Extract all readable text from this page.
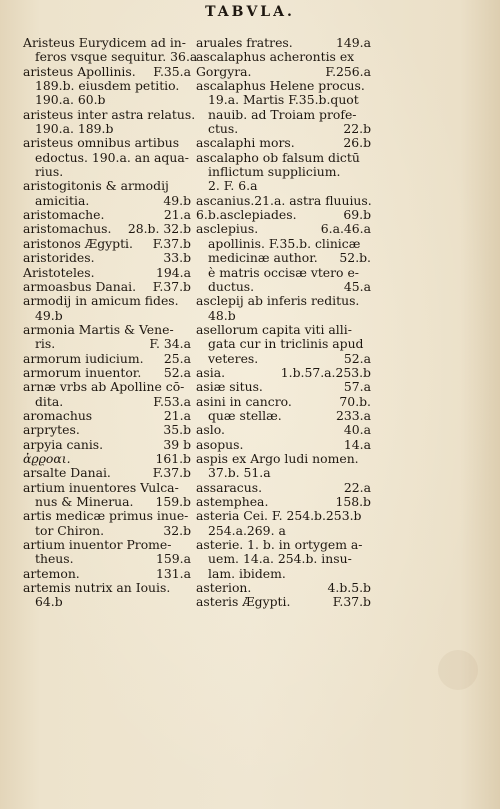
TABVLA.
Aristeus Eurydicem ad in-
feros vsque sequitur. 36.a
aristeus Apollinis.	F.35.a
189.b. eiusdem petitio.
190.a. 60.b
aristeus inter astra relatus.
190.a. 189.b
aristeus omnibus artibus
edoctus. 190.a. an aqua-
rius.
aristogitonis & armodij
amicitia.	49.b
aristomache.	21.a
aristomachus.	28.b. 32.b
aristonos Ægypti.	F.37.b
aristorides.	33.b
Aristoteles.	194.a
armoasbus Danai.	F.37.b
armodij in amicum fides.
49.b
armonia Martis & Vene-
ris.	F. 34.a
armorum iudicium.	25.a
armorum inuentor.	52.a
arnæ vrbs ab Apolline cō-
dita.	F.53.a
aromachus	21.a
arprytes.	35.b
arpyia canis.	39 b
ἀϱϱοαι.	161.b
arsalte Danai.	F.37.b
artium inuentores Vulca-
nus & Minerua.	159.b
artis medicæ primus inue-
tor Chiron.	32.b
artium inuentor Prome-
theus.	159.a
artemon.	131.a
artemis nutrix an Iouis.
64.b
aruales fratres.	149.a
ascalaphus acherontis ex
Gorgyra.	F.256.a
ascalaphus Helene procus.
19.a. Martis F.35.b.quot
nauib. ad Troiam profe-
ctus.	22.b
ascalaphi mors.	26.b
ascalapho ob falsum dictū
inflictum supplicium.
2. F. 6.a
ascanius.21.a. astra fluuius.
6.b.asclepiades.	69.b
asclepius.	6.a.46.a
apollinis. F.35.b. clinicæ
medicinæ author.	52.b.
è matris occisæ vtero e-
ductus.	45.a
asclepij ab inferis reditus.
48.b
asellorum capita viti alli-
gata cur in triclinis apud
veteres.	52.a
asia.	1.b.57.a.253.b
asiæ situs.	57.a
asini in cancro.	70.b.
quæ stellæ.	233.a
aslo.	40.a
asopus.	14.a
aspis ex Argo ludi nomen.
37.b. 51.a
assaracus.	22.a
astemphea.	158.b
asteria Cei. F. 254.b.253.b
254.a.269. a
asterie. 1. b. in ortygem a-
uem. 14.a. 254.b. insu-
lam. ibidem.
asterion.	4.b.5.b
asteris Ægypti.	F.37.b
